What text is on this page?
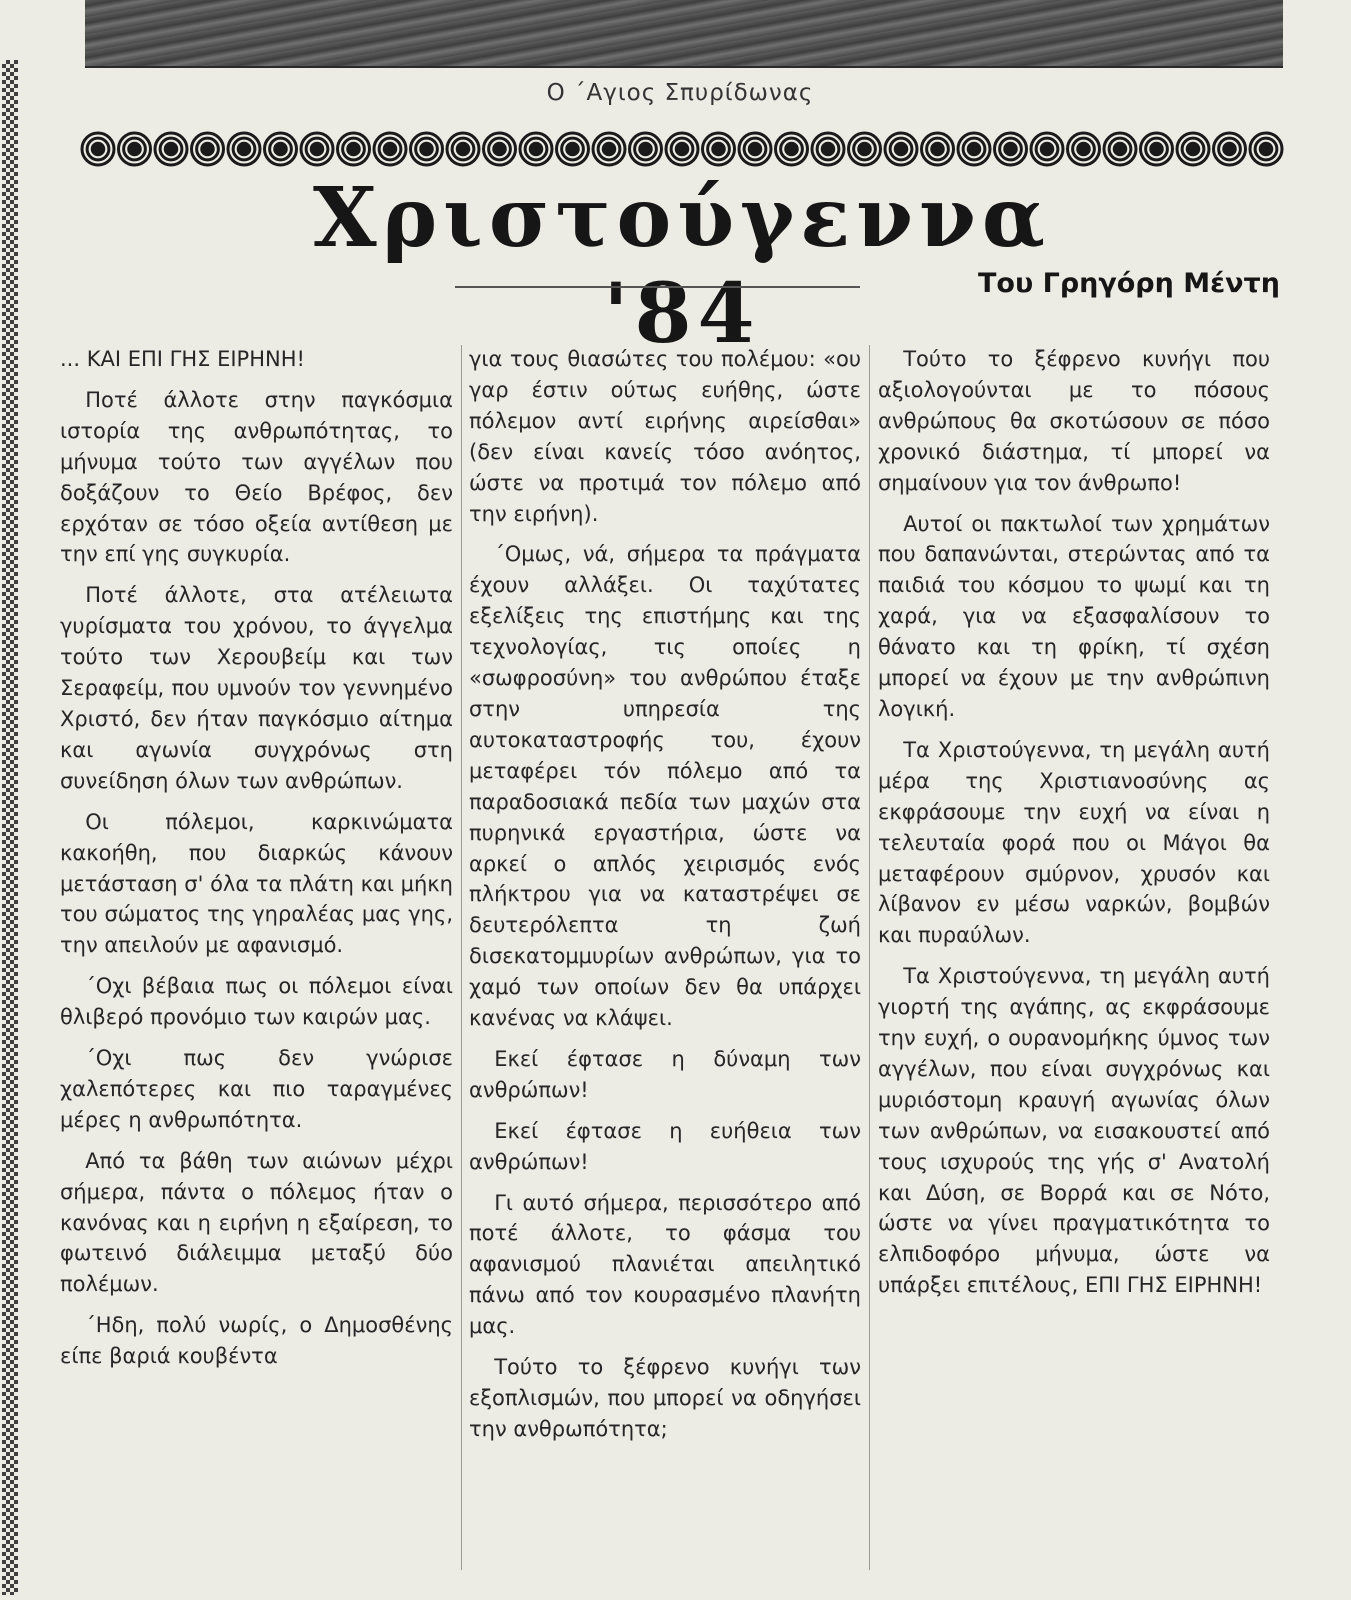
Ο ΄Αγιος Σπυρίδωνας
Χριστούγεννα '84	Του Γρηγόρη Μέντη

... ΚΑΙ ΕΠΙ ΓΗΣ ΕΙΡΗΝΗ!

Ποτέ άλλοτε στην παγκόσμια ιστορία της ανθρωπότητας, το μήνυμα τούτο των αγγέλων που δοξάζουν το Θείο Βρέφος, δεν ερχόταν σε τόσο οξεία αντίθεση με την επί γης συγκυρία.

Ποτέ άλλοτε, στα ατέλειωτα γυρίσματα του χρόνου, το άγγελμα τούτο των Χερουβείμ και των Σεραφείμ, που υμνούν τον γεννημένο Χριστό, δεν ήταν παγκόσμιο αίτημα και αγωνία συγχρόνως στη συνείδηση όλων των ανθρώπων.

Οι πόλεμοι, καρκινώματα κακοήθη, που διαρκώς κάνουν μετάσταση σ' όλα τα πλάτη και μήκη του σώματος της γηραλέας μας γης, την απειλούν με αφανισμό.

΄Οχι βέβαια πως οι πόλεμοι είναι θλιβερό προνόμιο των καιρών μας.

΄Οχι πως δεν γνώρισε χαλεπότερες και πιο ταραγμένες μέρες η ανθρωπότητα.

Από τα βάθη των αιώνων μέχρι σήμερα, πάντα ο πόλεμος ήταν ο κανόνας και η ειρήνη η εξαίρεση, το φωτεινό διάλειμμα μεταξύ δύο πολέμων.

΄Ηδη, πολύ νωρίς, ο Δημοσθένης είπε βαριά κουβέντα

για τους θιασώτες του πολέμου: «ου γαρ έστιν ούτως ευήθης, ώστε πόλεμον αντί ειρήνης αιρείσθαι» (δεν είναι κανείς τόσο ανόητος, ώστε να προτιμά τον πόλεμο από την ειρήνη).

΄Ομως, νά, σήμερα τα πράγματα έχουν αλλάξει. Οι ταχύτατες εξελίξεις της επιστήμης και της τεχνολογίας, τις οποίες η «σωφροσύνη» του ανθρώπου έταξε στην υπηρεσία της αυτοκαταστροφής του, έχουν μεταφέρει τόν πόλεμο από τα παραδοσιακά πεδία των μαχών στα πυρηνικά εργαστήρια, ώστε να αρκεί ο απλός χειρισμός ενός πλήκτρου για να καταστρέψει σε δευτερόλεπτα τη ζωή δισεκατομμυρίων ανθρώπων, για το χαμό των οποίων δεν θα υπάρχει κανένας να κλάψει.

Εκεί έφτασε η δύναμη των ανθρώπων!

Εκεί έφτασε η ευήθεια των ανθρώπων!

Γι αυτό σήμερα, περισσότερο από ποτέ άλλοτε, το φάσμα του αφανισμού πλανιέται απειλητικό πάνω από τον κουρασμένο πλανήτη μας.

Τούτο το ξέφρενο κυνήγι των εξοπλισμών, που μπορεί να οδηγήσει την ανθρωπότητα;

Τούτο το ξέφρενο κυνήγι που αξιολογούνται με το πόσους ανθρώπους θα σκοτώσουν σε πόσο χρονικό διάστημα, τί μπορεί να σημαίνουν για τον άνθρωπο!

Αυτοί οι πακτωλοί των χρημάτων που δαπανώνται, στερώντας από τα παιδιά του κόσμου το ψωμί και τη χαρά, για να εξασφαλίσουν το θάνατο και τη φρίκη, τί σχέση μπορεί να έχουν με την ανθρώπινη λογική.

Τα Χριστούγεννα, τη μεγάλη αυτή μέρα της Χριστιανοσύνης ας εκφράσουμε την ευχή να είναι η τελευταία φορά που οι Μάγοι θα μεταφέρουν σμύρνον, χρυσόν και λίβανον εν μέσω ναρκών, βομβών και πυραύλων.

Τα Χριστούγεννα, τη μεγάλη αυτή γιορτή της αγάπης, ας εκφράσουμε την ευχή, ο ουρανομήκης ύμνος των αγγέλων, που είναι συγχρόνως και μυριόστομη κραυγή αγωνίας όλων των ανθρώπων, να εισακουστεί από τους ισχυρούς της γής σ' Ανατολή και Δύση, σε Βορρά και σε Νότο, ώστε να γίνει πραγματικότητα το ελπιδοφόρο μήνυμα, ώστε να υπάρξει επιτέλους, ΕΠΙ ΓΗΣ ΕΙΡΗΝΗ!
